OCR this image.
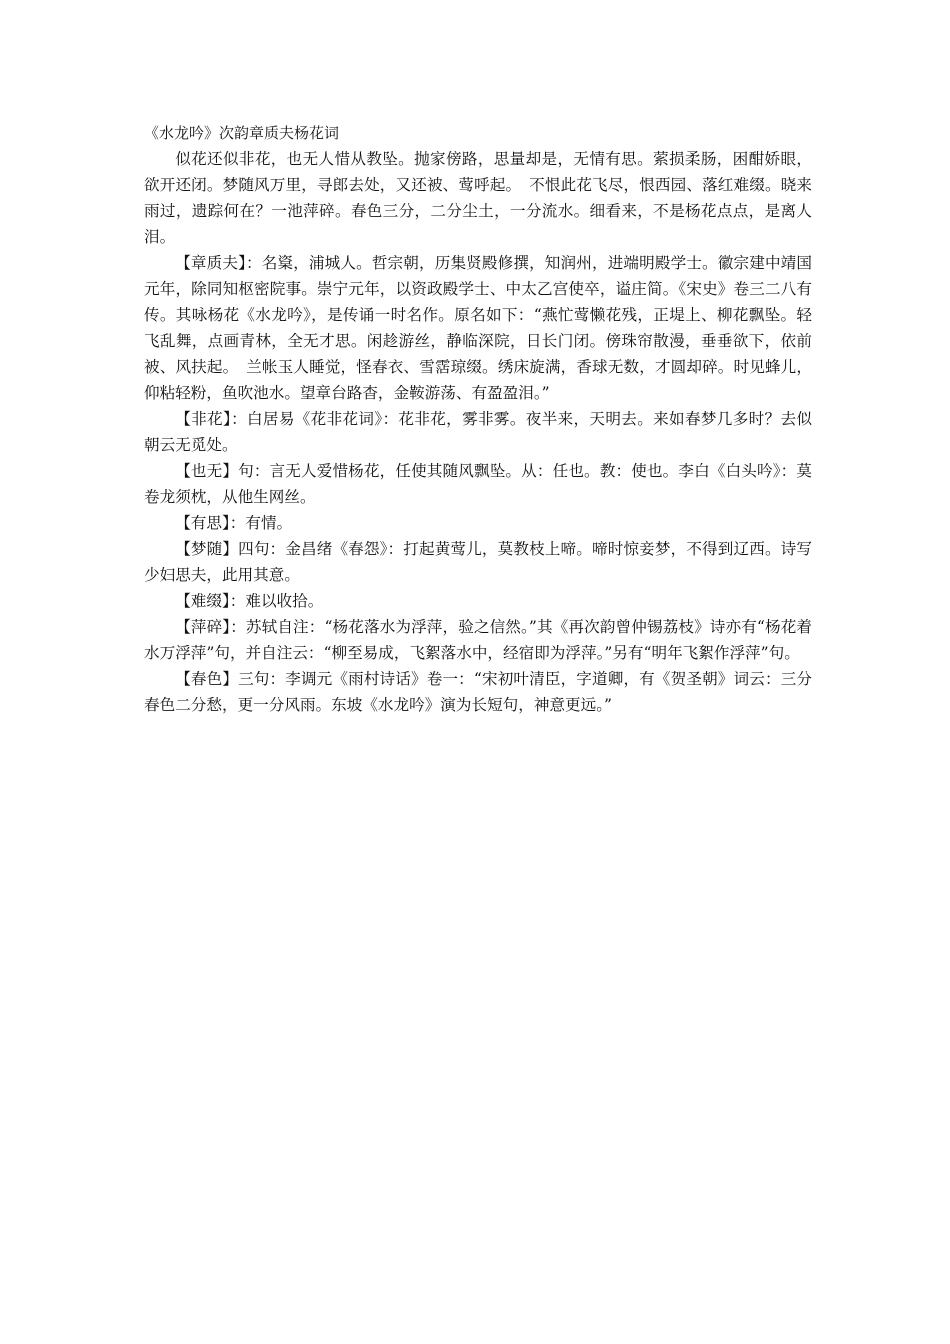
《水龙吟》次韵章质夫杨花词

似花还似非花，也无人惜从教坠。抛家傍路，思量却是，无情有思。萦损柔肠，困酣娇眼，欲开还闭。梦随风万里，寻郎去处，又还被、莺呼起。　不恨此花飞尽，恨西园、落红难缀。晓来雨过，遗踪何在？一池萍碎。春色三分，二分尘土，一分流水。细看来，不是杨花点点，是离人泪。

【章质夫】：名楶，浦城人。哲宗朝，历集贤殿修撰，知润州，进端明殿学士。徽宗建中靖国元年，除同知枢密院事。崇宁元年，以资政殿学士、中太乙宫使卒，谥庄简。《宋史》卷三二八有传。其咏杨花《水龙吟》，是传诵一时名作。原名如下：“燕忙莺懒花残，正堤上、柳花飘坠。轻飞乱舞，点画青林，全无才思。闲趁游丝，静临深院，日长门闭。傍珠帘散漫，垂垂欲下，依前被、风扶起。　兰帐玉人睡觉，怪春衣、雪霑琼缀。绣床旋满，香球无数，才圆却碎。时见蜂儿，仰粘轻粉，鱼吹池水。望章台路杳，金鞍游荡、有盈盈泪。”

【非花】：白居易《花非花词》：花非花，雾非雾。夜半来，天明去。来如春梦几多时？去似朝云无觅处。

【也无】句：言无人爱惜杨花，任使其随风飘坠。从：任也。教：使也。李白《白头吟》：莫卷龙须枕，从他生网丝。

【有思】：有情。

【梦随】四句：金昌绪《春怨》：打起黄莺儿，莫教枝上啼。啼时惊妾梦，不得到辽西。诗写少妇思夫，此用其意。

【难缀】：难以收拾。

【萍碎】：苏轼自注：“杨花落水为浮萍，验之信然。”其《再次韵曾仲锡荔枝》诗亦有“杨花着水万浮萍”句，并自注云：“柳至易成，飞絮落水中，经宿即为浮萍。”另有“明年飞絮作浮萍”句。

【春色】三句：李调元《雨村诗话》卷一：“宋初叶清臣，字道卿，有《贺圣朝》词云：三分春色二分愁，更一分风雨。东坡《水龙吟》演为长短句，神意更远。”
